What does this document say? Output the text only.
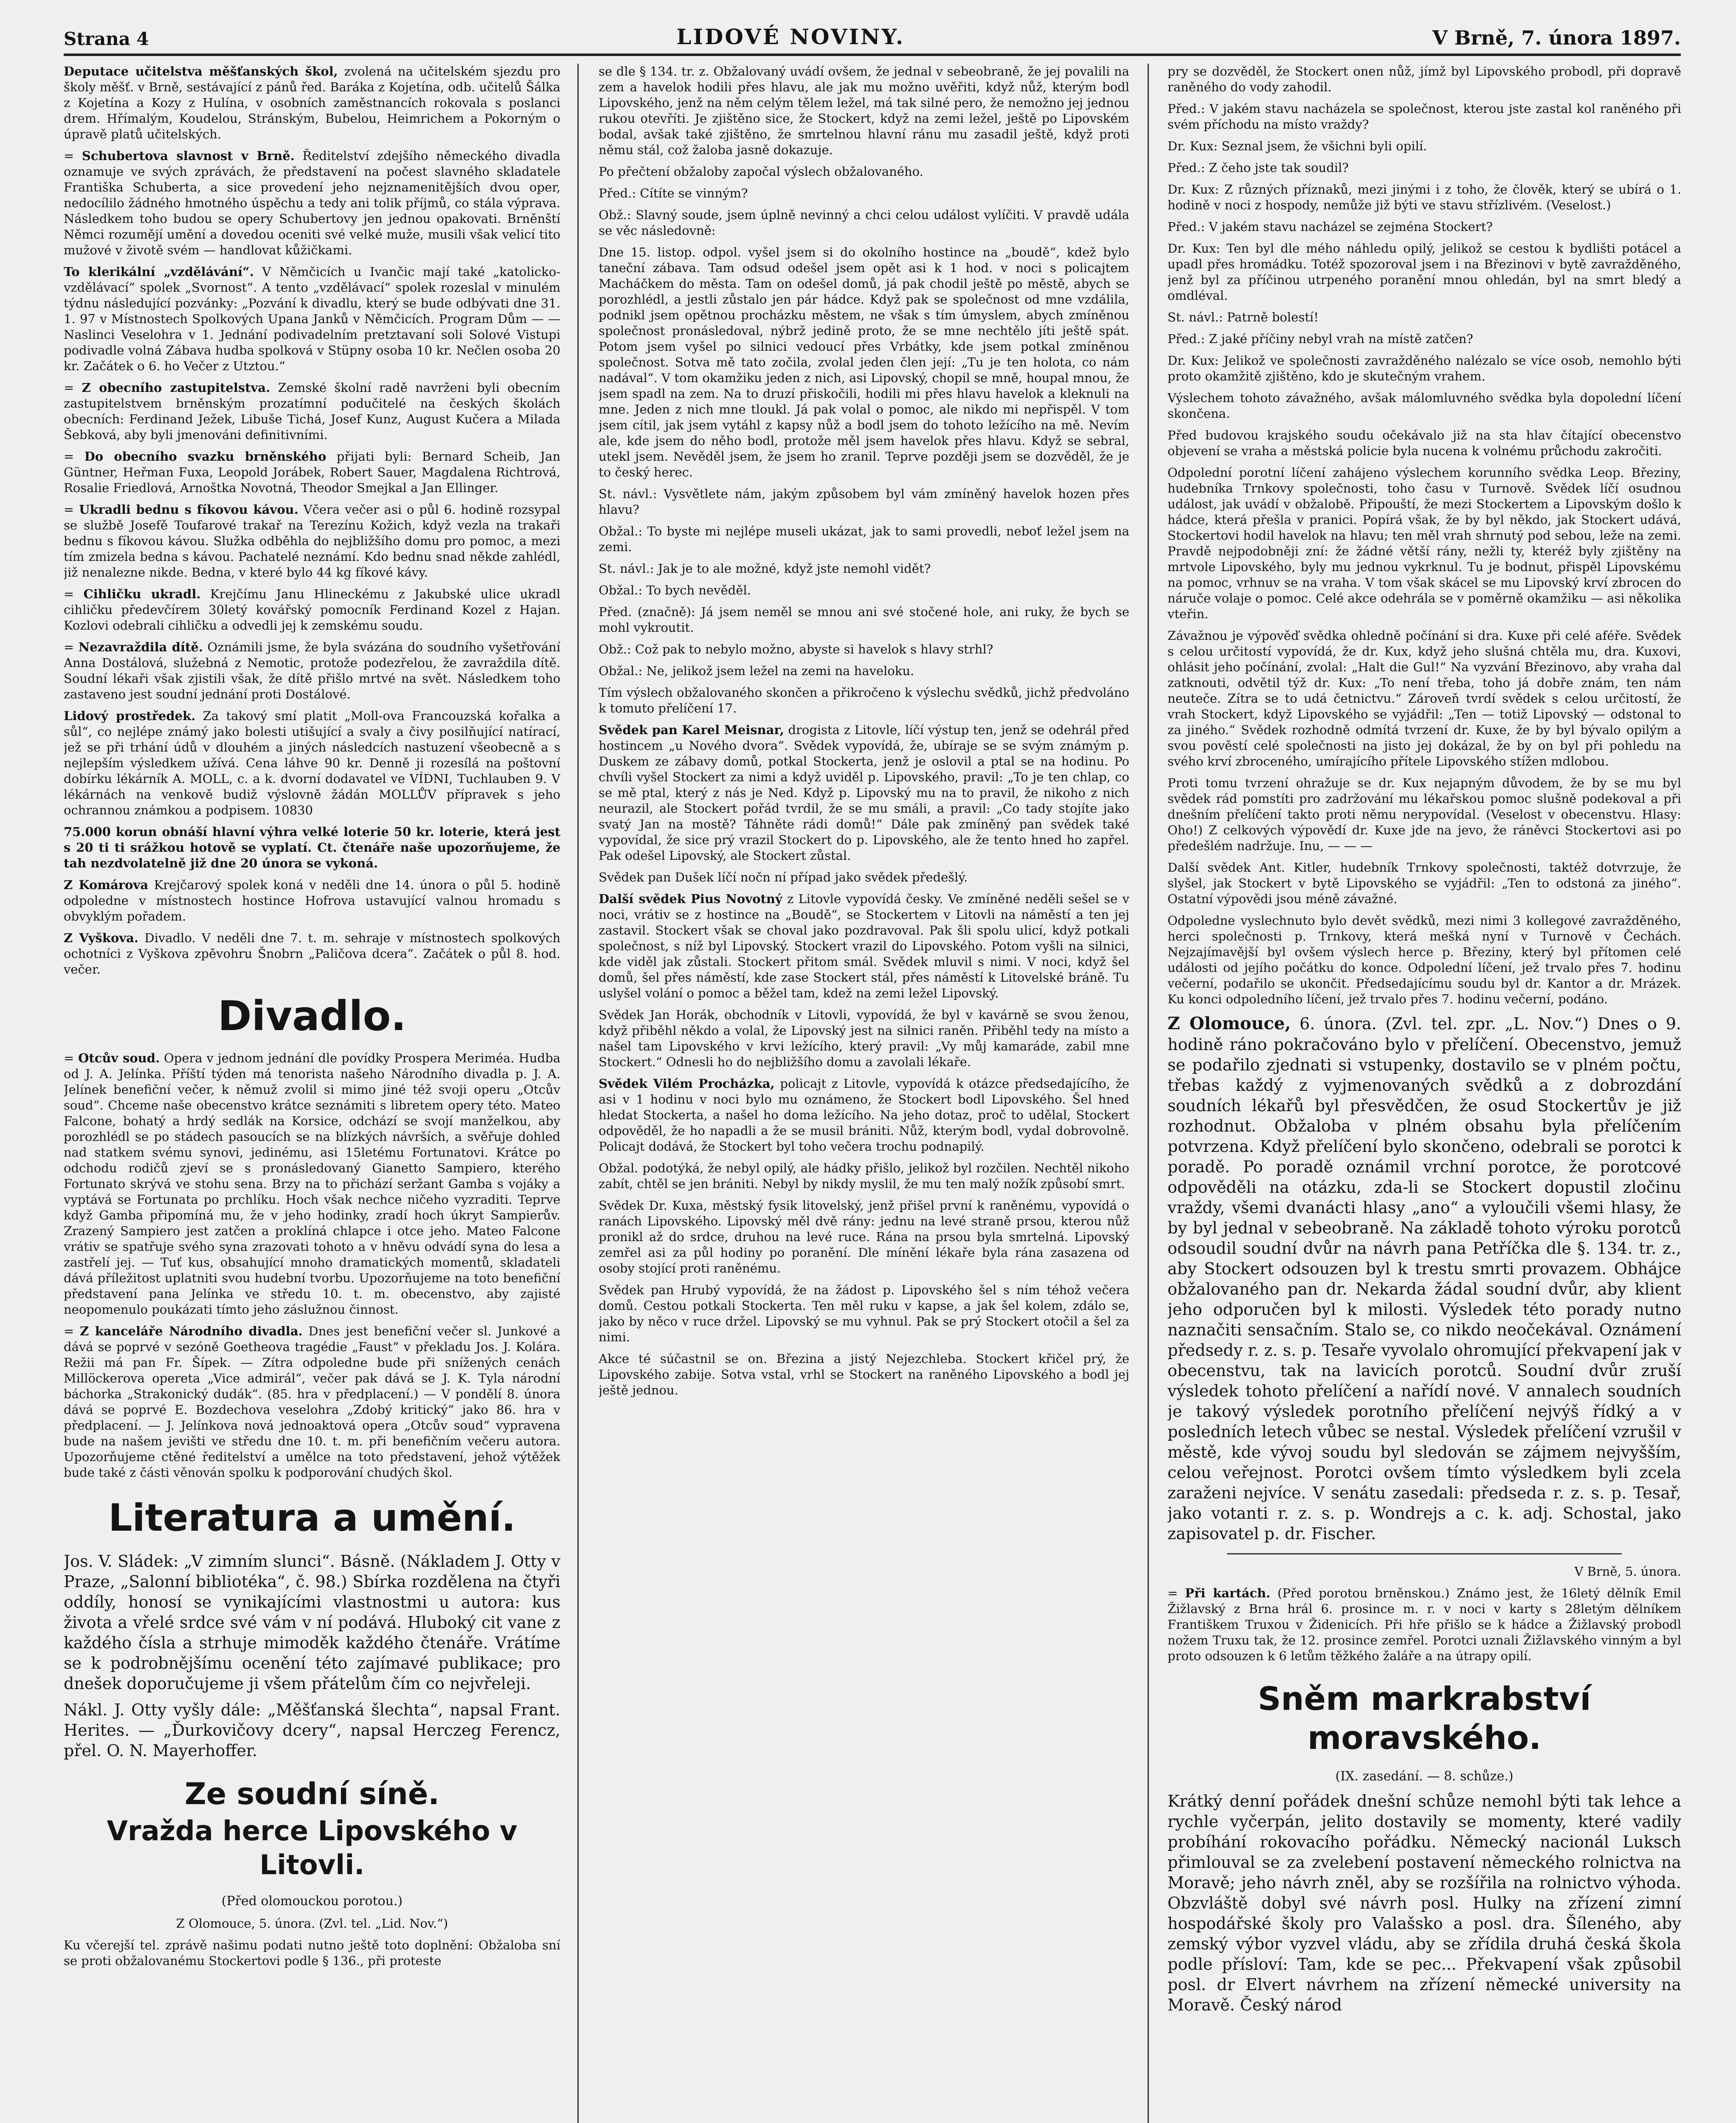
Strana 4	LIDOVÉ NOVINY.	V Brně, 7. února 1897.

Deputace učitelstva měšťanských škol, zvolená na učitelském sjezdu pro školy měšť. v Brně, sestávající z pánů řed. Baráka z Kojetína, odb. učitelů Šálka z Kojetína a Kozy z Hulína, v osobních zaměstnancích rokovala s poslanci drem. Hřímalým, Koudelou, Stránským, Bubelou, Heimrichem a Pokorným o úpravě platů učitelských.

= Schubertova slavnost v Brně. Ředitelství zdejšího německého divadla oznamuje ve svých zprávách, že představení na počest slavného skladatele Františka Schuberta, a sice provedení jeho nejznamenitějších dvou oper, nedocílilo žádného hmotného úspěchu a tedy ani tolik příjmů, co stála výprava. Následkem toho budou se opery Schubertovy jen jednou opakovati. Brněnští Němci rozumějí umění a dovedou oceniti své velké muže, musili však velicí tito mužové v životě svém — handlovat kůžičkami.

To klerikální „vzdělávání“. V Němčicích u Ivančic mají také „katolicko-vzdělávací“ spolek „Svornost“. A tento „vzdělávací“ spolek rozeslal v minulém týdnu následující pozvánky: „Pozvání k divadlu, který se bude odbývati dne 31. 1. 97 v Místnostech Spolkových Upana Janků v Němčicích. Program Dům — — Naslinci Veselohra v 1. Jednání podivadelním pretztavaní soli Solové Vistupi podivadle volná Zábava hudba spolková v Stüpny osoba 10 kr. Nečlen osoba 20 kr. Začátek o 6. ho Večer z Utztou.“

= Z obecního zastupitelstva. Zemské školní radě navrženi byli obecním zastupitelstvem brněnským prozatímní podučitelé na českých školách obecních: Ferdinand Ježek, Libuše Tichá, Josef Kunz, August Kučera a Milada Šebková, aby byli jmenováni definitivními.

= Do obecního svazku brněnského přijati byli: Bernard Scheib, Jan Güntner, Heřman Fuxa, Leopold Jorábek, Robert Sauer, Magdalena Richtrová, Rosalie Friedlová, Arnoštka Novotná, Theodor Smejkal a Jan Ellinger.

= Ukradli bednu s fíkovou kávou. Včera večer asi o půl 6. hodině rozsypal se službě Josefě Toufarové trakař na Terezínu Kožich, když vezla na trakaři bednu s fíkovou kávou. Služka odběhla do nejbližšího domu pro pomoc, a mezi tím zmizela bedna s kávou. Pachatelé neznámí. Kdo bednu snad někde zahlédl, již nenalezne nikde. Bedna, v které bylo 44 kg fíkové kávy.

= Cihličku ukradl. Krejčímu Janu Hlineckému z Jakubské ulice ukradl cihličku předevčírem 30letý kovářský pomocník Ferdinand Kozel z Hajan. Kozlovi odebrali cihličku a odvedli jej k zemskému soudu.

= Nezavraždila dítě. Oznámili jsme, že byla svázána do soudního vyšetřování Anna Dostálová, služebná z Nemotic, protože podezřelou, že zavraždila dítě. Soudní lékaři však zjistili však, že dítě přišlo mrtvé na svět. Následkem toho zastaveno jest soudní jednání proti Dostálové.

Lidový prostředek. Za takový smí platit „Moll-ova Francouzská kořalka a sůl“, co nejlépe známý jako bolesti utišující a svaly a čivy posilňující natírací, jež se při trhání údů v dlouhém a jiných následcích nastuzení všeobecně a s nejlepším výsledkem užívá. Cena láhve 90 kr. Denně ji rozesílá na poštovní dobírku lékárník A. MOLL, c. a k. dvorní dodavatel ve VÍDNI, Tuchlauben 9. V lékárnách na venkově budiž výslovně žádán MOLLŮV přípravek s jeho ochrannou známkou a podpisem. 10830

75.000 korun obnáší hlavní výhra velké loterie 50 kr. loterie, která jest s 20 ti ti srážkou hotově se vyplatí. Ct. čtenáře naše upozorňujeme, že tah nezdvolatelně již dne 20 února se vykoná.

Z Komárova Krejčarový spolek koná v neděli dne 14. února o půl 5. hodině odpoledne v místnostech hostince Hofrova ustavující valnou hromadu s obvyklým pořadem.

Z Vyškova. Divadlo. V neděli dne 7. t. m. sehraje v místnostech spolkových ochotníci z Vyškova zpěvohru Šnobrn „Paličova dcera“. Začátek o půl 8. hod. večer.

Divadlo.

= Otcův soud. Opera v jednom jednání dle povídky Prospera Meriméa. Hudba od J. A. Jelínka. Příští týden má tenorista našeho Národního divadla p. J. A. Jelínek benefiční večer, k němuž zvolil si mimo jiné též svoji operu „Otcův soud“. Chceme naše obecenstvo krátce seznámiti s libretem opery této. Mateo Falcone, bohatý a hrdý sedlák na Korsice, odchází se svojí manželkou, aby porozhlédl se po stádech pasoucích se na blízkých návrších, a svěřuje dohled nad statkem svému synovi, jedinému, asi 15letému Fortunatovi. Krátce po odchodu rodičů zjeví se s pronásledovaný Gianetto Sampiero, kterého Fortunato skrývá ve stohu sena. Brzy na to přichází seržant Gamba s vojáky a vyptává se Fortunata po prchlíku. Hoch však nechce ničeho vyzraditi. Teprve když Gamba připomíná mu, že v jeho hodinky, zradí hoch úkryt Sampierův. Zrazený Sampiero jest zatčen a proklíná chlapce i otce jeho. Mateo Falcone vrátiv se spatřuje svého syna zrazovati tohoto a v hněvu odvádí syna do lesa a zastřelí jej. — Tuť kus, obsahující mnoho dramatických momentů, skladateli dává příležitost uplatniti svou hudební tvorbu. Upozorňujeme na toto benefiční představení pana Jelínka ve středu 10. t. m. obecenstvo, aby zajisté neopomenulo poukázati tímto jeho záslužnou činnost.

= Z kanceláře Národního divadla. Dnes jest benefiční večer sl. Junkové a dává se poprvé v sezóně Goetheova tragédie „Faust“ v překladu Jos. J. Kolára. Režii má pan Fr. Šípek. — Zítra odpoledne bude při snížených cenách Millöckerova opereta „Vice admirál“, večer pak dává se J. K. Tyla národní báchorka „Strakonický dudák“. (85. hra v předplacení.) — V pondělí 8. února dává se poprvé E. Bozdechova veselohra „Zdobý kritický“ jako 86. hra v předplacení. — J. Jelínkova nová jednoaktová opera „Otcův soud“ vypravena bude na našem jevišti ve středu dne 10. t. m. při benefičním večeru autora. Upozorňujeme ctěné ředitelství a umělce na toto představení, jehož výtěžek bude také z části věnován spolku k podporování chudých škol.

Literatura a umění.

Jos. V. Sládek: „V zimním slunci“. Básně. (Nákladem J. Otty v Praze, „Salonní bibliotéka“, č. 98.) Sbírka rozdělena na čtyři oddíly, honosí se vynikajícími vlastnostmi u autora: kus života a vřelé srdce své vám v ní podává. Hluboký cit vane z každého čísla a strhuje mimoděk každého čtenáře. Vrátíme se k podrobnějšímu ocenění této zajímavé publikace; pro dnešek doporučujeme ji všem přátelům čím co nejvřeleji.

Nákl. J. Otty vyšly dále: „Měšťanská šlechta“, napsal Frant. Herites. — „Ďurkovičovy dcery“, napsal Herczeg Ferencz, přel. O. N. Mayerhoffer.

Ze soudní síně.
Vražda herce Lipovského v Litovli.
(Před olomouckou porotou.)

Z Olomouce, 5. února. (Zvl. tel. „Lid. Nov.“)

Ku včerejší tel. zprávě našimu podati nutno ještě toto doplnění: Obžaloba sní se proti obžalovanému Stockertovi podle § 136., při proteste

se dle § 134. tr. z. Obžalovaný uvádí ovšem, že jednal v sebeobraně, že jej povalili na zem a havelok hodili přes hlavu, ale jak mu možno uvěřiti, když nůž, kterým bodl Lipovského, jenž na něm celým tělem ležel, má tak silné pero, že nemožno jej jednou rukou otevříti. Je zjištěno sice, že Stockert, když na zemi ležel, ještě po Lipovském bodal, avšak také zjištěno, že smrtelnou hlavní ránu mu zasadil ještě, když proti němu stál, což žaloba jasně dokazuje.

Po přečtení obžaloby započal výslech obžalovaného.

Před.: Cítíte se vinným?

Obž.: Slavný soude, jsem úplně nevinný a chci celou událost vylíčiti. V pravdě udála se věc následovně:

Dne 15. listop. odpol. vyšel jsem si do okolního hostince na „boudě“, kdež bylo taneční zábava. Tam odsud odešel jsem opět asi k 1 hod. v noci s policajtem Macháčkem do města. Tam on odešel domů, já pak chodil ještě po městě, abych se porozhlédl, a jestli zůstalo jen pár hádce. Když pak se společnost od mne vzdálila, podnikl jsem opětnou procházku městem, ne však s tím úmyslem, abych zmíněnou společnost pronásledoval, nýbrž jedině proto, že se mne nechtělo jíti ještě spát. Potom jsem vyšel po silnici vedoucí přes Vrbátky, kde jsem potkal zmíněnou společnost. Sotva mě tato zočila, zvolal jeden člen její: „Tu je ten holota, co nám nadával“. V tom okamžiku jeden z nich, asi Lipovský, chopil se mně, houpal mnou, že jsem spadl na zem. Na to druzí přiskočili, hodili mi přes hlavu havelok a kleknuli na mne. Jeden z nich mne tloukl. Já pak volal o pomoc, ale nikdo mi nepřispěl. V tom jsem cítil, jak jsem vytáhl z kapsy nůž a bodl jsem do tohoto ležícího na mě. Nevím ale, kde jsem do něho bodl, protože měl jsem havelok přes hlavu. Když se sebral, utekl jsem. Nevěděl jsem, že jsem ho zranil. Teprve později jsem se dozvěděl, že je to český herec.

St. návl.: Vysvětlete nám, jakým způsobem byl vám zmíněný havelok hozen přes hlavu?

Obžal.: To byste mi nejlépe museli ukázat, jak to sami provedli, neboť ležel jsem na zemi.

St. návl.: Jak je to ale možné, když jste nemohl vidět?

Obžal.: To bych nevěděl.

Před. (značně): Já jsem neměl se mnou ani své stočené hole, ani ruky, že bych se mohl vykroutit.

Obž.: Což pak to nebylo možno, abyste si havelok s hlavy strhl?

Obžal.: Ne, jelikož jsem ležel na zemi na haveloku.

Tím výslech obžalovaného skončen a přikročeno k výslechu svědků, jichž předvoláno k tomuto přelíčení 17.

Svědek pan Karel Meisnar, drogista z Litovle, líčí výstup ten, jenž se odehrál před hostincem „u Nového dvora“. Svědek vypovídá, že, ubíraje se se svým známým p. Duskem ze zábavy domů, potkal Stockerta, jenž je oslovil a ptal se na hodinu. Po chvíli vyšel Stockert za nimi a když uviděl p. Lipovského, pravil: „To je ten chlap, co se mě ptal, který z nás je Ned. Když p. Lipovský mu na to pravil, že nikoho z nich neurazil, ale Stockert pořád tvrdil, že se mu smáli, a pravil: „Co tady stojíte jako svatý Jan na mostě? Táhněte rádi domů!“ Dále pak zmíněný pan svědek také vypovídal, že sice prý vrazil Stockert do p. Lipovského, ale že tento hned ho zapřel. Pak odešel Lipovský, ale Stockert zůstal.

Svědek pan Dušek líčí nočn ní případ jako svědek předešlý.

Další svědek Pius Novotný z Litovle vypovídá česky. Ve zmíněné neděli sešel se v noci, vrátiv se z hostince na „Boudě“, se Stockertem v Litovli na náměstí a ten jej zastavil. Stockert však se choval jako pozdravoval. Pak šli spolu ulicí, když potkali společnost, s níž byl Lipovský. Stockert vrazil do Lipovského. Potom vyšli na silnici, kde viděl jak zůstali. Stockert přitom smál. Svědek mluvil s nimi. V noci, když šel domů, šel přes náměstí, kde zase Stockert stál, přes náměstí k Litovelské bráně. Tu uslyšel volání o pomoc a běžel tam, kdež na zemi ležel Lipovský.

Svědek Jan Horák, obchodník v Litovli, vypovídá, že byl v kavárně se svou ženou, když přiběhl někdo a volal, že Lipovský jest na silnici raněn. Přiběhl tedy na místo a našel tam Lipovského v krvi ležícího, který pravil: „Vy můj kamaráde, zabil mne Stockert.“ Odnesli ho do nejbližšího domu a zavolali lékaře.

Svědek Vilém Procházka, policajt z Litovle, vypovídá k otázce předsedajícího, že asi v 1 hodinu v noci bylo mu oznámeno, že Stockert bodl Lipovského. Šel hned hledat Stockerta, a našel ho doma ležícího. Na jeho dotaz, proč to udělal, Stockert odpověděl, že ho napadli a že se musil brániti. Nůž, kterým bodl, vydal dobrovolně. Policajt dodává, že Stockert byl toho večera trochu podnapilý.

Obžal. podotýká, že nebyl opilý, ale hádky přišlo, jelikož byl rozčilen. Nechtěl nikoho zabít, chtěl se jen brániti. Nebyl by nikdy myslil, že mu ten malý nožík způsobí smrt.

Svědek Dr. Kuxa, městský fysik litovelský, jenž přišel první k raněnému, vypovídá o ranách Lipovského. Lipovský měl dvě rány: jednu na levé straně prsou, kterou nůž pronikl až do srdce, druhou na levé ruce. Rána na prsou byla smrtelná. Lipovský zemřel asi za půl hodiny po poranění. Dle mínění lékaře byla rána zasazena od osoby stojící proti raněnému.

Svědek pan Hrubý vypovídá, že na žádost p. Lipovského šel s ním téhož večera domů. Cestou potkali Stockerta. Ten měl ruku v kapse, a jak šel kolem, zdálo se, jako by něco v ruce držel. Lipovský se mu vyhnul. Pak se prý Stockert otočil a šel za nimi.

Akce té súčastnil se on. Březina a jistý Nejezchleba. Stockert křičel prý, že Lipovského zabije. Sotva vstal, vrhl se Stockert na raněného Lipovského a bodl jej ještě jednou.

pry se dozvěděl, že Stockert onen nůž, jímž byl Lipovského probodl, při dopravě raněného do vody zahodil.

Před.: V jakém stavu nacházela se společnost, kterou jste zastal kol raněného při svém příchodu na místo vraždy?

Dr. Kux: Seznal jsem, že všichni byli opilí.

Před.: Z čeho jste tak soudil?

Dr. Kux: Z různých příznaků, mezi jinými i z toho, že člověk, který se ubírá o 1. hodině v noci z hospody, nemůže již býti ve stavu střízlivém. (Veselost.)

Před.: V jakém stavu nacházel se zejména Stockert?

Dr. Kux: Ten byl dle mého náhledu opilý, jelikož se cestou k bydlišti potácel a upadl přes hromádku. Totéž spozoroval jsem i na Březinovi v bytě zavražděného, jenž byl za příčinou utrpeného poranění mnou ohledán, byl na smrt bledý a omdléval.

St. návl.: Patrně bolestí!

Před.: Z jaké příčiny nebyl vrah na místě zatčen?

Dr. Kux: Jelikož ve společnosti zavražděného nalézalo se více osob, nemohlo býti proto okamžitě zjištěno, kdo je skutečným vrahem.

Výslechem tohoto závažného, avšak málomluvného svědka byla dopolední líčení skončena.

Před budovou krajského soudu očekávalo již na sta hlav čítající obecenstvo objevení se vraha a městská policie byla nucena k volnému průchodu zakročiti.

Odpolední porotní líčení zahájeno výslechem korunního svědka Leop. Březiny, hudebníka Trnkovy společnosti, toho času v Turnově. Svědek líčí osudnou událost, jak uvádí v obžalobě. Připouští, že mezi Stockertem a Lipovským došlo k hádce, která přešla v pranici. Popírá však, že by byl někdo, jak Stockert udává, Stockertovi hodil havelok na hlavu; ten měl vrah shrnutý pod sebou, leže na zemi. Pravdě nejpodobněji zní: že žádné větší rány, nežli ty, kteréž byly zjištěny na mrtvole Lipovského, byly mu jednou vykrknul. Tu je bodnut, přispěl Lipovskému na pomoc, vrhnuv se na vraha. V tom však skácel se mu Lipovský krví zbrocen do náruče volaje o pomoc. Celé akce odehrála se v poměrně okamžiku — asi několika vteřin.

Závažnou je výpověď svědka ohledně počínání si dra. Kuxe při celé aféře. Svědek s celou určitostí vypovídá, že dr. Kux, když jeho slušná chtěla mu, dra. Kuxovi, ohlásit jeho počínání, zvolal: „Halt die Gul!“ Na vyzvání Březinovo, aby vraha dal zatknouti, odvětil týž dr. Kux: „To není třeba, toho já dobře znám, ten nám neuteče. Zítra se to udá četnictvu.“ Zároveň tvrdí svědek s celou určitostí, že vrah Stockert, když Lipovského se vyjádřil: „Ten — totiž Lipovský — odstonal to za jiného.“ Svědek rozhodně odmítá tvrzení dr. Kuxe, že by byl bývalo opilým a svou pověstí celé společnosti na jisto jej dokázal, že by on byl při pohledu na svého krví zbroceného, umírajícího přítele Lipovského stížen mdlobou.

Proti tomu tvrzení ohražuje se dr. Kux nejapným důvodem, že by se mu byl svědek rád pomstíti pro zadržování mu lékařskou pomoc slušně podekoval a při dnešním přelíčení takto proti němu nerypovídal. (Veselost v obecenstvu. Hlasy: Oho!) Z celkových výpovědí dr. Kuxe jde na jevo, že ráněvci Stockertovi asi po předešlém nadržuje. Inu, — — —

Další svědek Ant. Kitler, hudebník Trnkovy společnosti, taktéž dotvrzuje, že slyšel, jak Stockert v bytě Lipovského se vyjádřil: „Ten to odstoná za jiného“. Ostatní výpovědi jsou méně závažné.

Odpoledne vyslechnuto bylo devět svědků, mezi nimi 3 kollegové zavražděného, herci společnosti p. Trnkovy, která mešká nyní v Turnově v Čechách. Nejzajímavější byl ovšem výslech herce p. Březiny, který byl přítomen celé události od jejího počátku do konce. Odpolední líčení, jež trvalo přes 7. hodinu večerní, podařilo se ukončit. Předsedajícímu soudu byl dr. Kantor a dr. Mrázek. Ku konci odpoledního líčení, jež trvalo přes 7. hodinu večerní, podáno.

Z Olomouce, 6. února. (Zvl. tel. zpr. „L. Nov.“) Dnes o 9. hodině ráno pokračováno bylo v přelíčení. Obecenstvo, jemuž se podařilo zjednati si vstupenky, dostavilo se v plném počtu, třebas každý z vyjmenovaných svědků a z dobrozdání soudních lékařů byl přesvědčen, že osud Stockertův je již rozhodnut. Obžaloba v plném obsahu byla přelíčením potvrzena. Když přelíčení bylo skončeno, odebrali se porotci k poradě. Po poradě oznámil vrchní porotce, že porotcové odpověděli na otázku, zda-li se Stockert dopustil zločinu vraždy, všemi dvanácti hlasy „ano“ a vyloučili všemi hlasy, že by byl jednal v sebeobraně. Na základě tohoto výroku porotců odsoudil soudní dvůr na návrh pana Petříčka dle §. 134. tr. z., aby Stockert odsouzen byl k trestu smrti provazem. Obhájce obžalovaného pan dr. Nekarda žádal soudní dvůr, aby klient jeho odporučen byl k milosti. Výsledek této porady nutno naznačiti sensačním. Stalo se, co nikdo neočekával. Oznámení předsedy r. z. s. p. Tesaře vyvolalo ohromující překvapení jak v obecenstvu, tak na lavicích porotců. Soudní dvůr zruší výsledek tohoto přelíčení a nařídí nové. V annalech soudních je takový výsledek porotního přelíčení nejvýš řídký a v posledních letech vůbec se nestal. Výsledek přelíčení vzrušil v městě, kde vývoj soudu byl sledován se zájmem nejvyšším, celou veřejnost. Porotci ovšem tímto výsledkem byli zcela zaraženi nejvíce. V senátu zasedali: předseda r. z. s. p. Tesař, jako votanti r. z. s. p. Wondrejs a c. k. adj. Schostal, jako zapisovatel p. dr. Fischer.

V Brně, 5. února.

= Při kartách. (Před porotou brněnskou.) Známo jest, že 16letý dělník Emil Žižlavský z Brna hrál 6. prosince m. r. v noci v karty s 28letým dělníkem Františkem Truxou v Židenicích. Při hře přišlo se k hádce a Žižlavský probodl nožem Truxu tak, že 12. prosince zemřel. Porotci uznali Žižlavského vinným a byl proto odsouzen k 6 letům těžkého žaláře a na útrapy opilí.

Sněm markrabství moravského.
(IX. zasedání. — 8. schůze.)

Krátký denní pořádek dnešní schůze nemohl býti tak lehce a rychle vyčerpán, jelito dostavily se momenty, které vadily probíhání rokovacího pořádku. Německý nacionál Luksch přimlouval se za zvelebení postavení německého rolnictva na Moravě; jeho návrh zněl, aby se rozšířila na rolnictvo výhoda. Obzvláště dobyl své návrh posl. Hulky na zřízení zimní hospodářské školy pro Valašsko a posl. dra. Šíleného, aby zemský výbor vyzvel vládu, aby se zřídila druhá česká škola podle přísloví: Tam, kde se pec... Překvapení však způsobil posl. dr Elvert návrhem na zřízení německé university na Moravě. Český národ
